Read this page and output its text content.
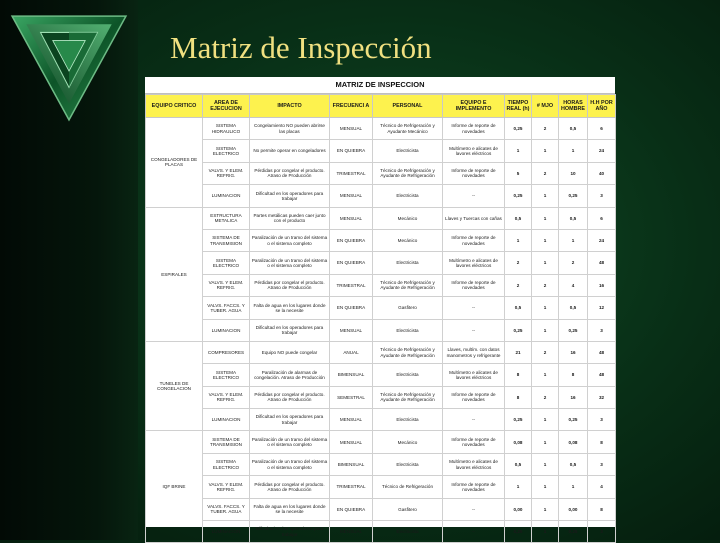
Matriz de Inspección
MATRIZ DE INSPECCION
EQUIPO CRITICO	AREA DE EJECUCION	IMPACTO	FRECUENCI A	PERSONAL	EQUIPO E IMPLEMENTO	TIEMPO REAL (h)	# MJO	HORAS HOMBRE	H.H POR AÑO
CONGELADORES DE PLACAS	SISTEMA HIDRAULICO	Congelamiento NO pueden abrirse las placas	MENSUAL	Técnico de Refrigeración y Ayudante Mecánico	Informe de reporte de novedades	0,25	2	0,5	6
	SISTEMA ELECTRICO	No permite operar en congeladores	EN QUIEBRA	Electricista	Multímetro e alicates de lavores eléctricos	1	1	1	24
	VALVS. Y ELEM. REFRIG.	Pérdidas por congelar el producto. Atraso de Producción	TRIMESTRAL	Técnico de Refrigeración y Ayudante de Refrigeración	Informe de reporte de novedades	5	2	10	40
	LUMINACION	Dificultad en los operadores para trabajar	MENSUAL	Electricista	--	0,25	1	0,25	3
ESPIRALES	ESTRUCTURA METALICA	Partes metálicas pueden caer junto con el producto	MENSUAL	Mecánico	Llaves y Tuercas con cañas	0,5	1	0,5	6
	SISTEMA DE TRANSMISION	Paralización de un tramo del sistema o el sistema completo	EN QUIEBRA	Mecánico	Informe de reporte de novedades	1	1	1	24
	SISTEMA ELECTRICO	Paralización de un tramo del sistema o el sistema completo	EN QUIEBRA	Electricista	Multímetro e alicates de lavores eléctricos	2	1	2	48
	VALVS. Y ELEM. REFRIG.	Pérdidas por congelar el producto. Atraso de Producción	TRIMESTRAL	Técnico de Refrigeración y Ayudante de Refrigeración	Informe de reporte de novedades	2	2	4	16
	VALVS. FACCS. Y TUBER. AGUA	Falta de agua en los lugares donde se la necesite	EN QUIEBRA	Gasfitero	--	0,5	1	0,5	12
	LUMINACION	Dificultad en los operadores para trabajar	MENSUAL	Electricista	--	0,25	1	0,25	3
TUNELES DE CONGELACION	COMPRESORES	Equipo NO puede congelar	ANUAL	Técnico de Refrigeración y Ayudante de Refrigeración	Llaves, multím. con datos manometros y refrigerante	21	2	16	48
	SISTEMA ELECTRICO	Paralización de alarmas de congelación. Atraso de Producción	BIMENSUAL	Electricista	Multímetro e alicates de lavores eléctricos	8	1	8	48
	VALVS. Y ELEM. REFRIG.	Pérdidas por congelar el producto. Atraso de Producción	SEMESTRAL	Técnico de Refrigeración y Ayudante de Refrigeración	Informe de reporte de novedades	8	2	16	32
	LUMINACION	Dificultad en los operadores para trabajar	MENSUAL	Electricista	--	0,25	1	0,25	3
IQF BRINE	SISTEMA DE TRANSMISION	Paralización de un tramo del sistema o el sistema completo	MENSUAL	Mecánico	Informe de reporte de novedades	0,08	1	0,08	8
	SISTEMA ELECTRICO	Paralización de un tramo del sistema o el sistema completo	BIMENSUAL	Electricista	Multímetro e alicates de lavores eléctricos	0,5	1	0,5	3
	VALVS. Y ELEM. REFRIG.	Pérdidas por congelar el producto. Atraso de Producción	TRIMESTRAL	Técnico de Refrigeración	Informe de reporte de novedades	1	1	1	4
	VALVS. FACCS. Y TUBER. AGUA	Falta de agua en los lugares donde se la necesite	EN QUIEBRA	Gasfitero	--	0,00	1	0,00	8
	LUMINACION	Dificultad en los operadores para trabajar	MENSUAL	Electricista	--	0,25	1	0,25	3
